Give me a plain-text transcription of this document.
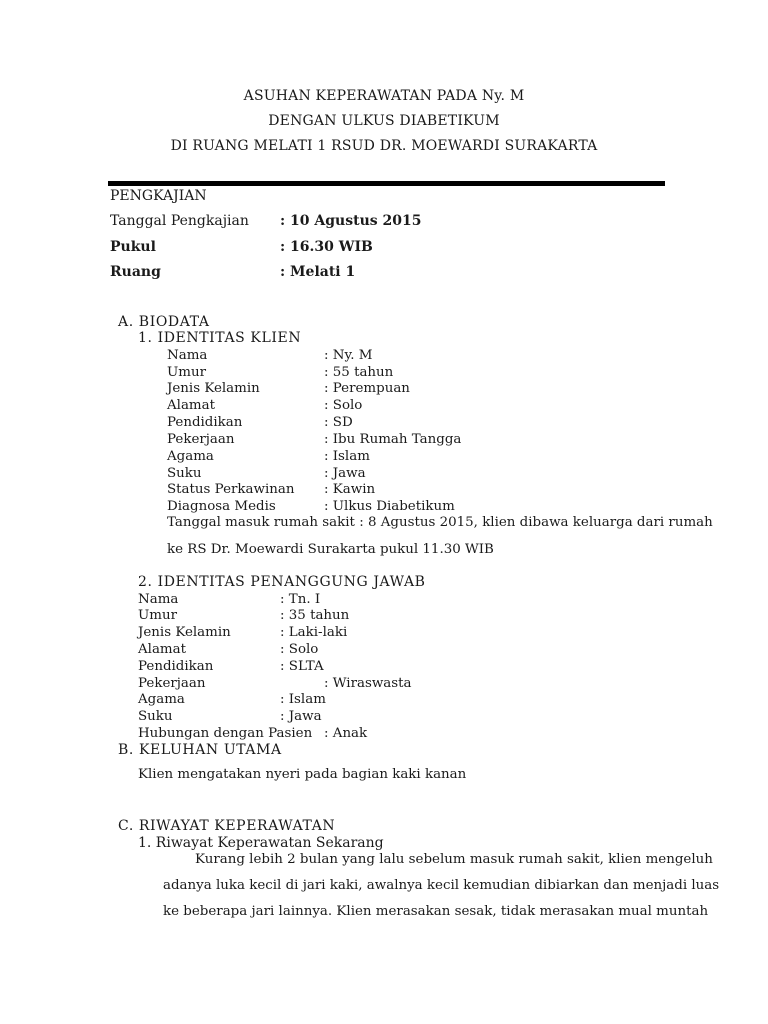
ASUHAN KEPERAWATAN PADA Ny. M
DENGAN ULKUS DIABETIKUM
DI RUANG MELATI 1 RSUD DR. MOEWARDI SURAKARTA
PENGKAJIAN
Tanggal Pengkajian : 10 Agustus 2015
Pukul	: 16.30 WIB
Ruang	: Melati 1
A. BIODATA
1. IDENTITAS KLIEN
Nama	: Ny. M
Umur	: 55 tahun
Jenis Kelamin	: Perempuan
Alamat	: Solo
Pendidikan	: SD
Pekerjaan	: Ibu Rumah Tangga
Agama	: Islam
Suku	: Jawa
Status Perkawinan : Kawin
Diagnosa Medis	: Ulkus Diabetikum
Tanggal masuk rumah sakit : 8 Agustus 2015, klien dibawa keluarga dari rumah
ke RS Dr. Moewardi Surakarta pukul 11.30 WIB
2. IDENTITAS PENANGGUNG JAWAB
Nama	: Tn. I
Umur	: 35 tahun
Jenis Kelamin	: Laki-laki
Alamat	: Solo
Pendidikan	: SLTA
Pekerjaan	: Wiraswasta
Agama	: Islam
Suku	: Jawa
Hubungan dengan Pasien : Anak
B. KELUHAN UTAMA
Klien mengatakan nyeri pada bagian kaki kanan
C. RIWAYAT KEPERAWATAN
1. Riwayat Keperawatan Sekarang
Kurang lebih 2 bulan yang lalu sebelum masuk rumah sakit, klien mengeluh
adanya luka kecil di jari kaki, awalnya kecil kemudian dibiarkan dan menjadi luas
ke beberapa jari lainnya. Klien merasakan sesak, tidak merasakan mual muntah
